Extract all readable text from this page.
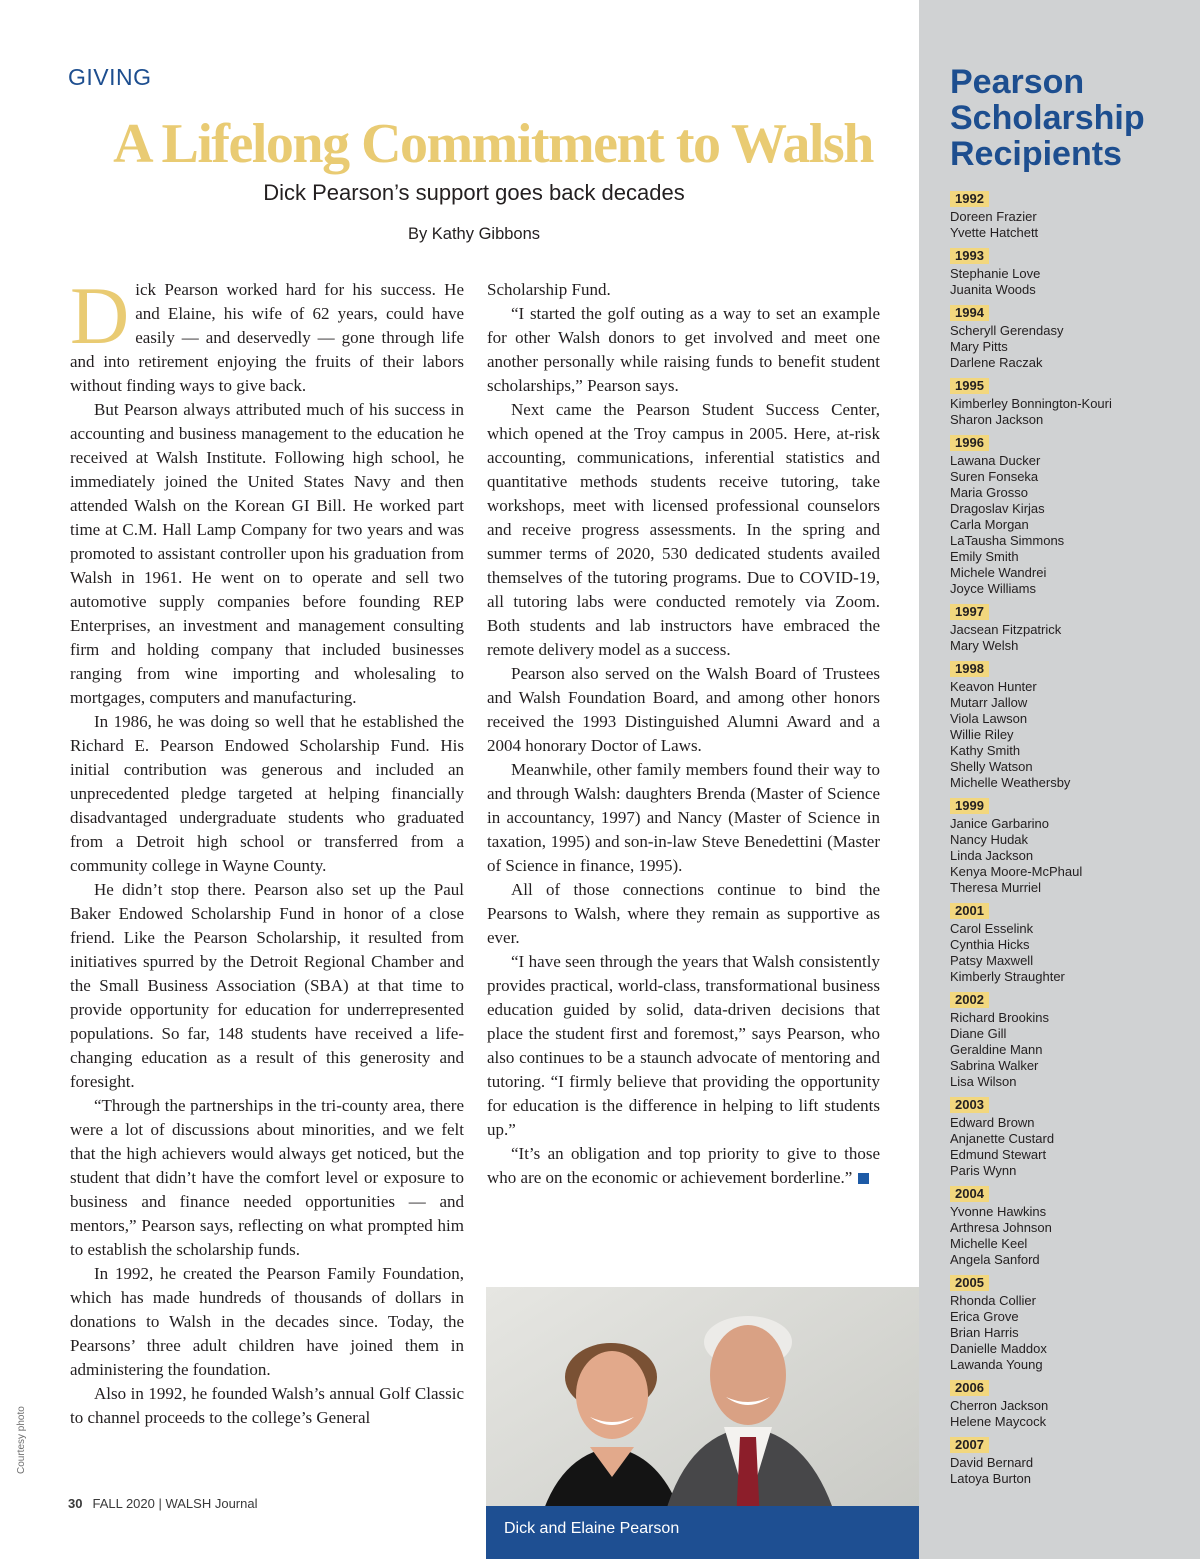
GIVING
A Lifelong Commitment to Walsh
Dick Pearson’s support goes back decades
By Kathy Gibbons

Dick Pearson worked hard for his success. He and Elaine, his wife of 62 years, could have easily — and deservedly — gone through life and into retirement enjoying the fruits of their labors without finding ways to give back.

But Pearson always attributed much of his success in accounting and business management to the education he received at Walsh Institute. Following high school, he immediately joined the United States Navy and then attended Walsh on the Korean GI Bill. He worked part time at C.M. Hall Lamp Company for two years and was promoted to assistant controller upon his graduation from Walsh in 1961. He went on to operate and sell two automotive supply companies before founding REP Enterprises, an investment and management consulting firm and holding company that included businesses ranging from wine importing and wholesaling to mortgages, computers and manufacturing.

In 1986, he was doing so well that he established the Richard E. Pearson Endowed Scholarship Fund. His initial contribution was generous and included an unprecedented pledge targeted at helping financially disadvantaged undergraduate students who graduated from a Detroit high school or transferred from a community college in Wayne County.

He didn’t stop there. Pearson also set up the Paul Baker Endowed Scholarship Fund in honor of a close friend. Like the Pearson Scholarship, it resulted from initiatives spurred by the Detroit Regional Chamber and the Small Business Association (SBA) at that time to provide opportunity for education for underrepresented populations. So far, 148 students have received a life-changing education as a result of this generosity and foresight.

“Through the partnerships in the tri-county area, there were a lot of discussions about minorities, and we felt that the high achievers would always get noticed, but the student that didn’t have the comfort level or exposure to business and finance needed opportunities — and mentors,” Pearson says, reflecting on what prompted him to establish the scholarship funds.

In 1992, he created the Pearson Family Foundation, which has made hundreds of thousands of dollars in donations to Walsh in the decades since. Today, the Pearsons’ three adult children have joined them in administering the foundation.

Also in 1992, he founded Walsh’s annual Golf Classic to channel proceeds to the college’s General

Scholarship Fund.

“I started the golf outing as a way to set an example for other Walsh donors to get involved and meet one another personally while raising funds to benefit student scholarships,” Pearson says.

Next came the Pearson Student Success Center, which opened at the Troy campus in 2005. Here, at-risk accounting, communications, inferential statistics and quantitative methods students receive tutoring, take workshops, meet with licensed professional counselors and receive progress assessments. In the spring and summer terms of 2020, 530 dedicated students availed themselves of the tutoring programs. Due to COVID-19, all tutoring labs were conducted remotely via Zoom. Both students and lab instructors have embraced the remote delivery model as a success.

Pearson also served on the Walsh Board of Trustees and Walsh Foundation Board, and among other honors received the 1993 Distinguished Alumni Award and a 2004 honorary Doctor of Laws.

Meanwhile, other family members found their way to and through Walsh: daughters Brenda (Master of Science in accountancy, 1997) and Nancy (Master of Science in taxation, 1995) and son-in-law Steve Benedettini (Master of Science in finance, 1995).

All of those connections continue to bind the Pearsons to Walsh, where they remain as supportive as ever.

“I have seen through the years that Walsh consistently provides practical, world-class, transformational business education guided by solid, data-driven decisions that place the student first and foremost,” says Pearson, who also continues to be a staunch advocate of mentoring and tutoring. “I firmly believe that providing the opportunity for education is the difference in helping to lift students up.”

“It’s an obligation and top priority to give to those who are on the economic or achievement borderline.”

Dick and Elaine Pearson
Courtesy photo
30 FALL 2020 | WALSH Journal
Pearson Scholarship Recipients
1992
Doreen Frazier
Yvette Hatchett
1993
Stephanie Love
Juanita Woods
1994
Scheryll Gerendasy
Mary Pitts
Darlene Raczak
1995
Kimberley Bonnington-Kouri
Sharon Jackson
1996
Lawana Ducker
Suren Fonseka
Maria Grosso
Dragoslav Kirjas
Carla Morgan
LaTausha Simmons
Emily Smith
Michele Wandrei
Joyce Williams
1997
Jacsean Fitzpatrick
Mary Welsh
1998
Keavon Hunter
Mutarr Jallow
Viola Lawson
Willie Riley
Kathy Smith
Shelly Watson
Michelle Weathersby
1999
Janice Garbarino
Nancy Hudak
Linda Jackson
Kenya Moore-McPhaul
Theresa Murriel
2001
Carol Esselink
Cynthia Hicks
Patsy Maxwell
Kimberly Straughter
2002
Richard Brookins
Diane Gill
Geraldine Mann
Sabrina Walker
Lisa Wilson
2003
Edward Brown
Anjanette Custard
Edmund Stewart
Paris Wynn
2004
Yvonne Hawkins
Arthresa Johnson
Michelle Keel
Angela Sanford
2005
Rhonda Collier
Erica Grove
Brian Harris
Danielle Maddox
Lawanda Young
2006
Cherron Jackson
Helene Maycock
2007
David Bernard
Latoya Burton
